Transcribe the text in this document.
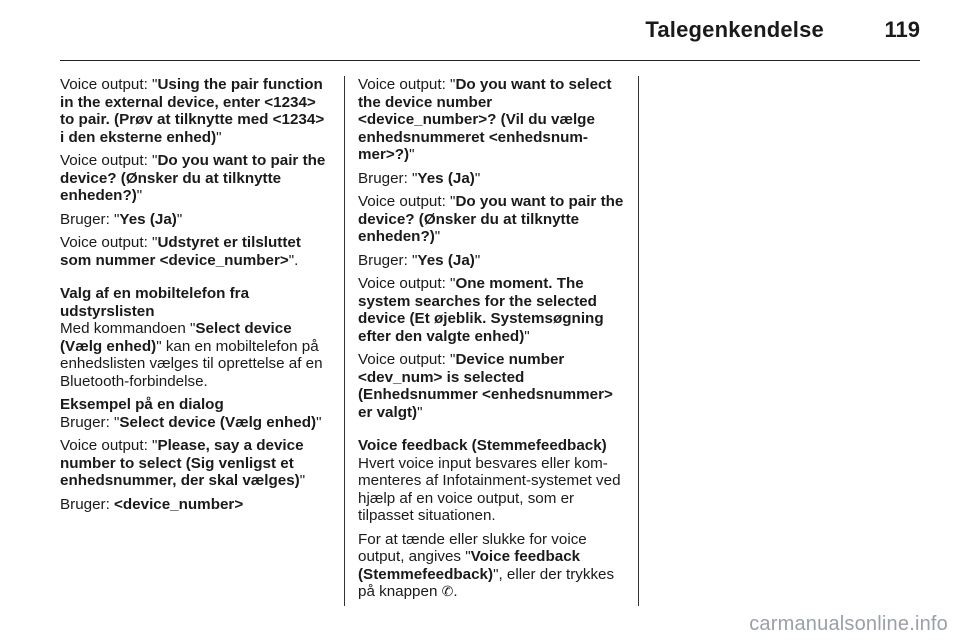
Talegenkendelse	119

Voice output: "Using the pair function in the external device, enter <1234> to pair. (Prøv at tilknytte med <1234> i den eksterne enhed)"

Voice output: "Do you want to pair the device? (Ønsker du at tilknytte enheden?)"

Bruger: "Yes (Ja)"

Voice output: "Udstyret er tilsluttet som nummer <device_number>".

Valg af en mobiltelefon fra udstyrslisten

Med kommandoen "Select device (Vælg enhed)" kan en mobiltelefon på enhedslisten vælges til oprettelse af en Bluetooth-forbindelse.

Eksempel på en dialog

Bruger: "Select device (Vælg enhed)"

Voice output: "Please, say a device number to select (Sig venligst et enhedsnummer, der skal vælges)"

Bruger: <device_number>

Voice output: "Do you want to select the device number <device_number>? (Vil du vælge enhedsnummeret <enhedsnum-mer>?)"

Bruger: "Yes (Ja)"

Voice output: "Do you want to pair the device? (Ønsker du at tilknytte enheden?)"

Bruger: "Yes (Ja)"

Voice output: "One moment. The system searches for the selected device (Et øjeblik. Systemsøgning efter den valgte enhed)"

Voice output: "Device number <dev_num> is selected (Enhedsnummer <enhedsnummer> er valgt)"

Voice feedback (Stemmefeedback)

Hvert voice input besvares eller kom-menteres af Infotainment-systemet ved hjælp af en voice output, som er tilpasset situationen.

For at tænde eller slukke for voice output, angives "Voice feedback (Stemmefeedback)", eller der trykkes på knappen ✆.

carmanualsonline.info
